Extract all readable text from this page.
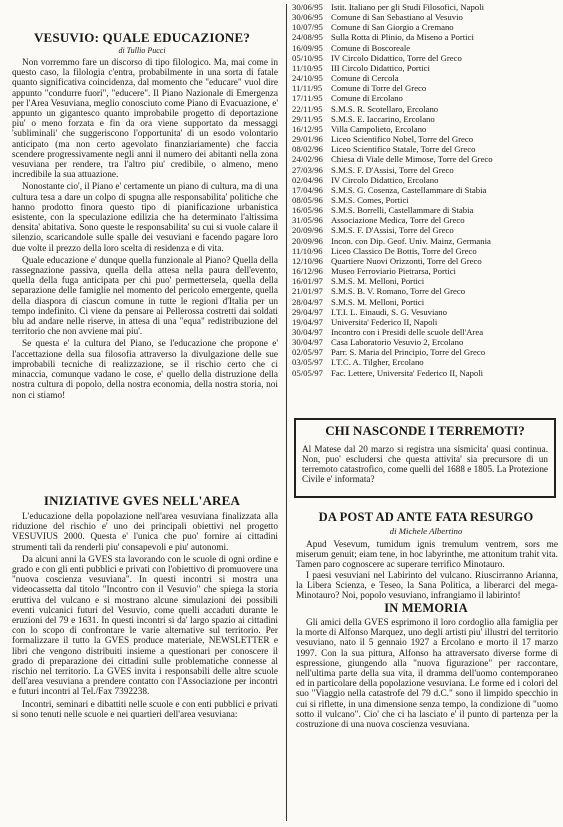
VESUVIO: QUALE EDUCAZIONE?
di Tullio Pucci

Non vorremmo fare un discorso di tipo filologico. Ma, mai come in questo caso, la filologia c'entra, probabilmente in una sorta di fatale quanto significativa coincidenza, dal momento che "educare" vuol dire appunto "condurre fuori", "educere". Il Piano Nazionale di Emergenza per l'Area Vesuviana, meglio conosciuto come Piano di Evacuazione, e' appunto un gigantesco quanto improbabile progetto di deportazione piu' o meno forzata e fin da ora viene supportato da messaggi 'subliminali' che suggeriscono l'opportunita' di un esodo volontario anticipato (ma non certo agevolato finanziariamente) che faccia scendere progressivamente negli anni il numero dei abitanti nella zona vesuviana per rendere, tra l'altro piu' credibile, o almeno, meno incredibile la sua attuazione.

Nonostante cio', il Piano e' certamente un piano di cultura, ma di una cultura tesa a dare un colpo di spugna alle responsabilita' politiche che hanno prodotto finora questo tipo di pianificazione urbanistica esistente, con la speculazione edilizia che ha determinato l'altissima densita' abitativa. Sono queste le responsabilita' su cui si vuole calare il silenzio, scaricandole sulle spalle dei vesuviani e facendo pagare loro due volte il prezzo della loro scelta di residenza e di vita.

Quale educazione e' dunque quella funzionale al Piano? Quella della rassegnazione passiva, quella della attesa nella paura dell'evento, quella della fuga anticipata per chi puo' permettersela, quella della separazione delle famiglie nel momento del pericolo emergente, quella della diaspora di ciascun comune in tutte le regioni d'Italia per un tempo indefinito. Ci viene da pensare ai Pellerossa costretti dai soldati blu ad andare nelle riserve, in attesa di una "equa" redistribuzione del territorio che non avviene mai piu'.

Se questa e' la cultura del Piano, se l'educazione che propone e' l'accettazione della sua filosofia attraverso la divulgazione delle sue improbabili tecniche di realizzazione, se il rischio certo che ci minaccia, comunque vadano le cose, e' quello della distruzione della nostra cultura di popolo, della nostra economia, della nostra storia, noi non ci stiamo!

INIZIATIVE GVES NELL'AREA

L'educazione della popolazione nell'area vesuviana finalizzata alla riduzione del rischio e' uno dei principali obiettivi nel progetto VESUVIUS 2000. Questa e' l'unica che puo' fornire ai cittadini strumenti tali da renderli piu' consapevoli e piu' autonomi.

Da alcuni anni la GVES sta lavorando con le scuole di ogni ordine e grado e con gli enti pubblici e privati con l'obiettivo di promuovere una "nuova coscienza vesuviana". In questi incontri si mostra una videocassetta dal titolo "Incontro con il Vesuvio" che spiega la storia eruttiva del vulcano e si mostrano alcune simulazioni dei possibili eventi vulcanici futuri del Vesuvio, come quelli accaduti durante le eruzioni del 79 e 1631. In questi incontri si da' largo spazio ai cittadini con lo scopo di confrontare le varie alternative sul territorio. Per formalizzare il tutto la GVES produce materiale, NEWSLETTER e libri che vengono distribuiti insieme a questionari per conoscere il grado di preparazione dei cittadini sulle problematiche connesse al rischio nel territorio. La GVES invita i responsabili delle altre scuole dell'area vesuviana a prendere contatto con l'Associazione per incontri e futuri incontri al Tel./Fax 7392238.

Incontri, seminari e dibattiti nelle scuole e con enti pubblici e privati si sono tenuti nelle scuole e nei quartieri dell'area vesuviana:

30/06/95 Istit. Italiano per gli Studi Filosofici, Napoli
30/06/95 Comune di San Sebastiano al Vesuvio
10/07/95 Comune di San Giorgio a Cremano
24/08/95 Sulla Rotta di Plinio, da Miseno a Portici
16/09/95 Comune di Boscoreale
05/10/95 IV Circolo Didattico, Torre del Greco
11/10/95 III Circolo Didattico, Portici
24/10/95 Comune di Cercola
11/11/95	Comune di Torre del Greco
17/11/95 Comune di Ercolano
22/11/95 S.M.S. R. Scotellaro, Ercolano
29/11/95 S.M.S. E. Iaccarino, Ercolano
16/12/95 Villa Campolieto, Ercolano
29/01/96 Liceo Scientifico Nobel, Torre del Greco
08/02/96 Liceo Scientifico Statale, Torre del Greco
24/02/96 Chiesa di Viale delle Mimose, Torre del Greco
27/03/96 S.M.S. F. D'Assisi, Torre del Greco
02/04/96 IV Circolo Didattico, Ercolano
17/04/96 S.M.S. G. Cosenza, Castellammare di Stabia
08/05/96 S.M.S. Comes, Portici
16/05/96 S.M.S. Borrelli, Castellammare di Stabia
31/05/96 Associazione Medica, Torre del Greco
20/09/96 S.M.S. F. D'Assisi, Torre del Greco
20/09/96 Incon. con Dip. Geof. Univ. Mainz, Germania
11/10/96 Liceo Classico De Bottis, Torre del Greco
12/10/96 Quartiere Nuovi Orizzonti, Torre del Greco
16/12/96 Museo Ferroviario Pietrarsa, Portici
16/01/97 S.M.S. M. Melloni, Portici
21/01/97 S.M.S. B. V. Romano, Torre del Greco
28/04/97 S.M.S. M. Melloni, Portici
29/04/97 I.T.I. L. Einaudi, S. G. Vesuviano
19/04/97 Universita' Federico II, Napoli
30/04/97 Incontro con i Presidi delle scuole dell'Area
30/04/97 Casa Laboratorio Vesuvio 2, Ercolano
02/05/97 Parr. S. Maria del Principio, Torre del Greco
03/05/97 I.T.C. A. Tilgher, Ercolano
05/05/97 Fac. Lettere, Universita' Federico II, Napoli
CHI NASCONDE I TERREMOTI?
Al Matese dal 20 marzo si registra una sismicita' quasi continua. Non, puo' escludersi che questa attivita' sia precursore di un terremoto catastrofico, come quelli del 1688 e 1805. La Protezione Civile e' informata?
DA POST AD ANTE FATA RESURGO
di Michele Albertino

Apud Vesevum, tumidum ignis tremulum ventrem, sors me miserum genuit; eiam tene, in hoc labyrinthe, me attonitum trahit vita. Tamen paro cognoscere ac superare terrifico Minotauro.

I paesi vesuviani nel Labirinto del vulcano. Riuscirranno Arianna, la Libera Scienza, e Teseo, la Sana Politica, a liberarci del mega-Minotauro? Noi, popolo vesuviano, infrangiamo il labirinto!

IN MEMORIA

Gli amici della GVES esprimono il loro cordoglio alla famiglia per la morte di Alfonso Marquez, uno degli artisti piu' illustri del territorio vesuviano, nato il 5 gennaio 1927 a Ercolano e morto il 17 marzo 1997. Con la sua pittura, Alfonso ha attraversato diverse forme di espressione, giungendo alla "nuova figurazione" per raccontare, nell'ultima parte della sua vita, il dramma dell'uomo contemporaneo ed in particolare della popolazione vesuviana. Le forme ed i colori del suo "Viaggio nella catastrofe del 79 d.C." sono il limpido specchio in cui si riflette, in una dimensione senza tempo, la condizione di "uomo sotto il vulcano". Cio' che ci ha lasciato e' il punto di partenza per la costruzione di una nuova coscienza vesuviana.
